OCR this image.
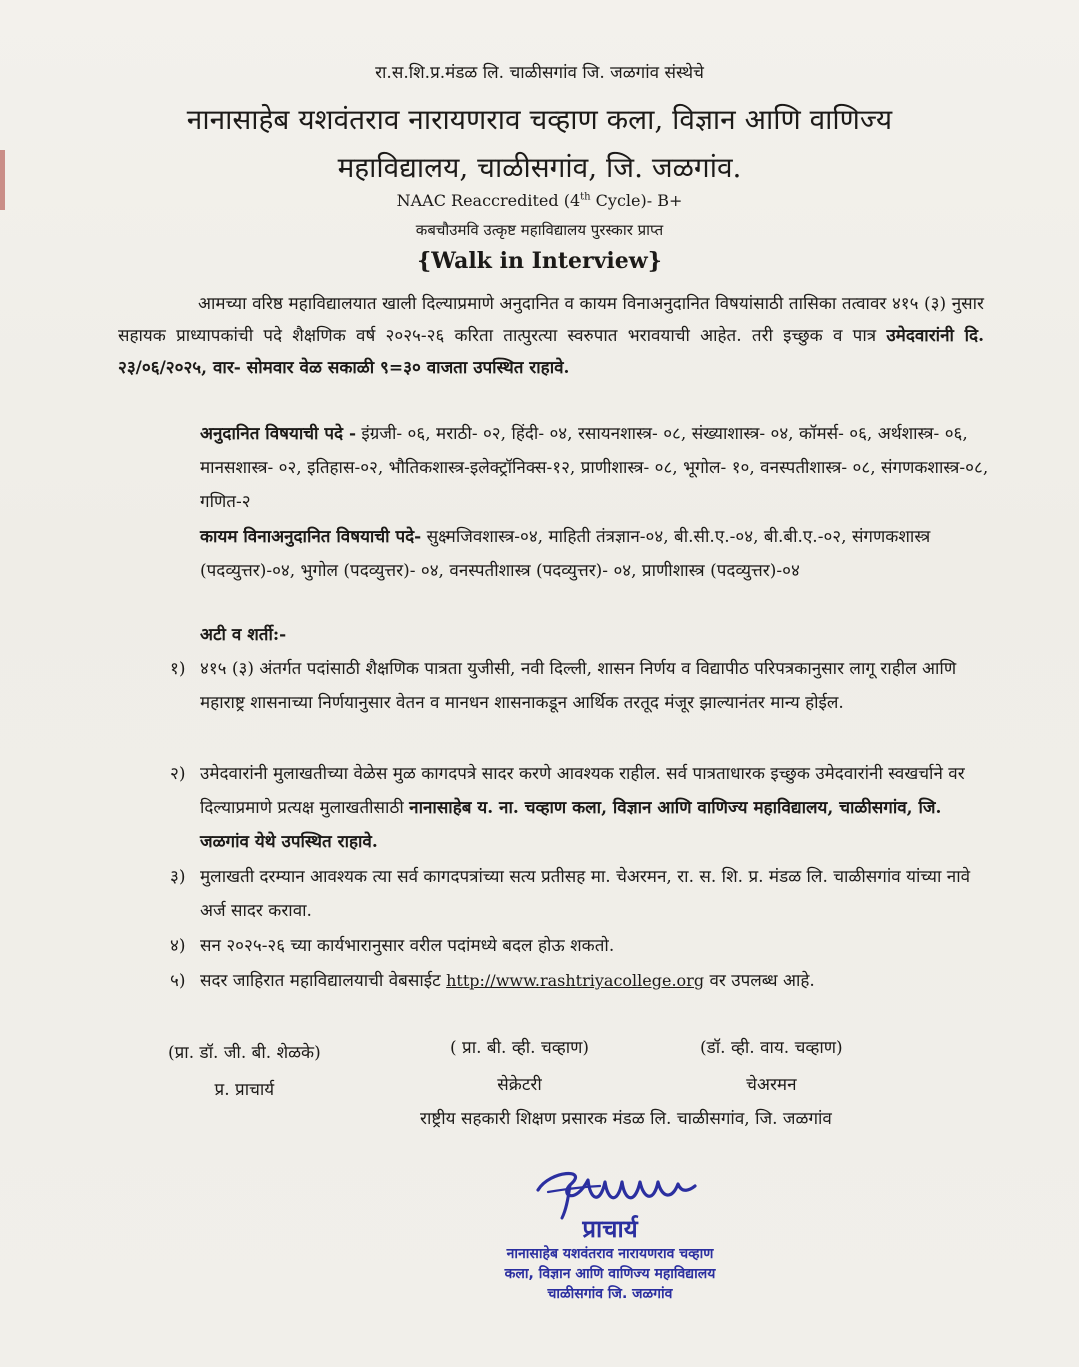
रा.स.शि.प्र.मंडळ लि. चाळीसगांव जि. जळगांव संस्थेचे
नानासाहेब यशवंतराव नारायणराव चव्हाण कला, विज्ञान आणि वाणिज्य
महाविद्यालय, चाळीसगांव, जि. जळगांव.
NAAC Reaccredited (4th Cycle)- B+
कबचौउमवि उत्कृष्ट महाविद्यालय पुरस्कार प्राप्त
{Walk in Interview}
आमच्या वरिष्ठ महाविद्यालयात खाली दिल्याप्रमाणे अनुदानित व कायम विनाअनुदानित विषयांसाठी तासिका तत्वावर ४१५ (३) नुसार सहायक प्राध्यापकांची पदे शैक्षणिक वर्ष २०२५-२६ करिता तात्पुरत्या स्वरुपात भरावयाची आहेत. तरी इच्छुक व पात्र उमेदवारांनी दि. २३/०६/२०२५, वार- सोमवार वेळ सकाळी ९=३० वाजता उपस्थित राहावे.
अनुदानित विषयाची पदे - इंग्रजी- ०६, मराठी- ०२, हिंदी- ०४, रसायनशास्त्र- ०८, संख्याशास्त्र- ०४, कॉमर्स- ०६, अर्थशास्त्र- ०६, मानसशास्त्र- ०२, इतिहास-०२, भौतिकशास्त्र-इलेक्ट्रॉनिक्स-१२, प्राणीशास्त्र- ०८, भूगोल- १०, वनस्पतीशास्त्र- ०८, संगणकशास्त्र-०८, गणित-२
कायम विनाअनुदानित विषयाची पदे- सुक्ष्मजिवशास्त्र-०४, माहिती तंत्रज्ञान-०४, बी.सी.ए.-०४, बी.बी.ए.-०२, संगणकशास्त्र (पदव्युत्तर)-०४, भुगोल (पदव्युत्तर)- ०४, वनस्पतीशास्त्र (पदव्युत्तर)- ०४, प्राणीशास्त्र (पदव्युत्तर)-०४
अटी व शर्ती:-
१) ४१५ (३) अंतर्गत पदांसाठी शैक्षणिक पात्रता युजीसी, नवी दिल्ली, शासन निर्णय व विद्यापीठ परिपत्रकानुसार लागू राहील आणि महाराष्ट्र शासनाच्या निर्णयानुसार वेतन व मानधन शासनाकडून आर्थिक तरतूद मंजूर झाल्यानंतर मान्य होईल.
२) उमेदवारांनी मुलाखतीच्या वेळेस मुळ कागदपत्रे सादर करणे आवश्यक राहील. सर्व पात्रताधारक इच्छुक उमेदवारांनी स्वखर्चाने वर दिल्याप्रमाणे प्रत्यक्ष मुलाखतीसाठी नानासाहेब य. ना. चव्हाण कला, विज्ञान आणि वाणिज्य महाविद्यालय, चाळीसगांव, जि. जळगांव येथे उपस्थित राहावे.
३) मुलाखती दरम्यान आवश्यक त्या सर्व कागदपत्रांच्या सत्य प्रतीसह मा. चेअरमन, रा. स. शि. प्र. मंडळ लि. चाळीसगांव यांच्या नावे अर्ज सादर करावा.
४) सन २०२५-२६ च्या कार्यभारानुसार वरील पदांमध्ये बदल होऊ शकतो.
५) सदर जाहिरात महाविद्यालयाची वेबसाईट http://www.rashtriyacollege.org वर उपलब्ध आहे.
(प्रा. डॉ. जी. बी. शेळके)
प्र. प्राचार्य
( प्रा. बी. व्ही. चव्हाण)
सेक्रेटरी
(डॉ. व्ही. वाय. चव्हाण)
चेअरमन
राष्ट्रीय सहकारी शिक्षण प्रसारक मंडळ लि. चाळीसगांव, जि. जळगांव
प्राचार्य
नानासाहेब यशवंतराव नारायणराव चव्हाण
कला, विज्ञान आणि वाणिज्य महाविद्यालय
चाळीसगांव जि. जळगांव
